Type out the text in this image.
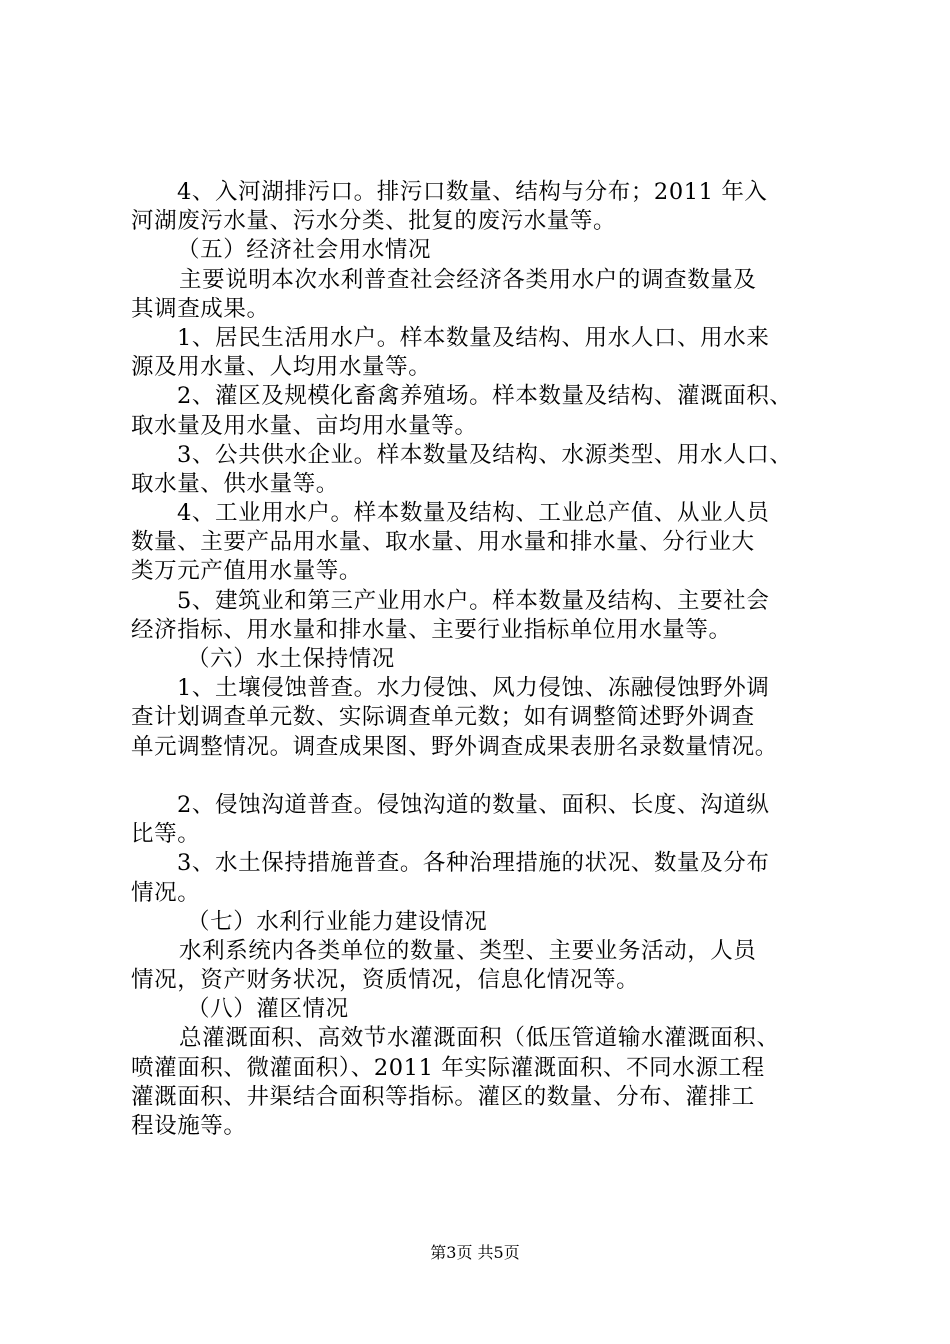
4、入河湖排污口。排污口数量、结构与分布；2011 年入
河湖废污水量、污水分类、批复的废污水量等。
（五）经济社会用水情况
主要说明本次水利普查社会经济各类用水户的调查数量及
其调查成果。
1、居民生活用水户。样本数量及结构、用水人口、用水来
源及用水量、人均用水量等。
2、灌区及规模化畜禽养殖场。样本数量及结构、灌溉面积、
取水量及用水量、亩均用水量等。
3、公共供水企业。样本数量及结构、水源类型、用水人口、
取水量、供水量等。
4、工业用水户。样本数量及结构、工业总产值、从业人员
数量、主要产品用水量、取水量、用水量和排水量、分行业大
类万元产值用水量等。
5、建筑业和第三产业用水户。样本数量及结构、主要社会
经济指标、用水量和排水量、主要行业指标单位用水量等。
（六）水土保持情况
1、土壤侵蚀普查。水力侵蚀、风力侵蚀、冻融侵蚀野外调
查计划调查单元数、实际调查单元数；如有调整简述野外调查
单元调整情况。调查成果图、野外调查成果表册名录数量情况。
2、侵蚀沟道普查。侵蚀沟道的数量、面积、长度、沟道纵
比等。
3、水土保持措施普查。各种治理措施的状况、数量及分布
情况。
（七）水利行业能力建设情况
水利系统内各类单位的数量、类型、主要业务活动，人员
情况，资产财务状况，资质情况，信息化情况等。
（八）灌区情况
总灌溉面积、高效节水灌溉面积（低压管道输水灌溉面积、
喷灌面积、微灌面积）、2011 年实际灌溉面积、不同水源工程
灌溉面积、井渠结合面积等指标。灌区的数量、分布、灌排工
程设施等。
第3页 共5页
